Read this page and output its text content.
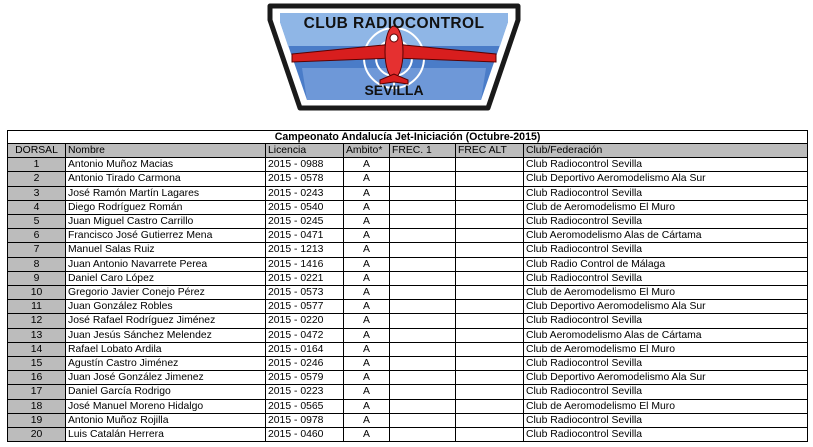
CLUB RADIOCONTROL
SEVILLA
Campeonato Andalucía Jet-Iniciación (Octubre-2015)						
DORSAL	Nombre	Licencia	Ambito*	FREC. 1	FREC ALT	Club/Federación
1	Antonio Muñoz Macias	2015 - 0988	A			Club Radiocontrol Sevilla
2	Antonio Tirado Carmona	2015 - 0578	A			Club Deportivo Aeromodelismo Ala Sur
3	José Ramón Martín Lagares	2015 - 0243	A			Club Radiocontrol Sevilla
4	Diego Rodríguez Román	2015 - 0540	A			Club de Aeromodelismo El Muro
5	Juan Miguel Castro Carrillo	2015 - 0245	A			Club Radiocontrol Sevilla
6	Francisco José Gutierrez Mena	2015 - 0471	A			Club Aeromodelismo Alas de Cártama
7	Manuel Salas Ruiz	2015 - 1213	A			Club Radiocontrol Sevilla
8	Juan Antonio Navarrete Perea	2015 - 1416	A			Club Radio Control de Málaga
9	Daniel Caro López	2015 - 0221	A			Club Radiocontrol Sevilla
10	Gregorio Javier Conejo Pérez	2015 - 0573	A			Club de Aeromodelismo El Muro
11	Juan González Robles	2015 - 0577	A			Club Deportivo Aeromodelismo Ala Sur
12	José Rafael Rodríguez Jiménez	2015 - 0220	A			Club Radiocontrol Sevilla
13	Juan Jesús Sánchez Melendez	2015 - 0472	A			Club Aeromodelismo Alas de Cártama
14	Rafael Lobato Ardila	2015 - 0164	A			Club de Aeromodelismo El Muro
15	Agustín Castro Jiménez	2015 - 0246	A			Club Radiocontrol Sevilla
16	Juan José González Jimenez	2015 - 0579	A			Club Deportivo Aeromodelismo Ala Sur
17	Daniel García Rodrigo	2015 - 0223	A			Club Radiocontrol Sevilla
18	José Manuel Moreno Hidalgo	2015 - 0565	A			Club de Aeromodelismo El Muro
19	Antonio Muñoz Rojilla	2015 - 0978	A			Club Radiocontrol Sevilla
20	Luis Catalán Herrera	2015 - 0460	A			Club Radiocontrol Sevilla
